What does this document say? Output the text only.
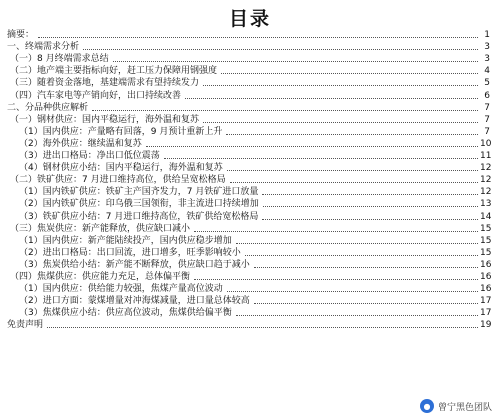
目录
摘要：	1
一、终端需求分析	3
（一）8 月终端需求总结	3
（二）地产端主要指标向好，赶工压力保障用钢强度	4
（三）随着资金落地，基建端需求有望持续发力	5
（四）汽车家电等产销向好，出口持续改善	6
二、分品种供应解析	7
（一）钢材供应：国内平稳运行，海外温和复苏	7
（1）国内供应：产量略有回落，9 月预计重新上升	7
（2）海外供应：继续温和复苏	10
（3）进出口格局：净出口低位震荡	11
（4）钢材供应小结：国内平稳运行，海外温和复苏	12
（二）铁矿供应：7 月进口维持高位，供给呈宽松格局	12
（1）国内铁矿供应：铁矿主产国齐发力，7 月铁矿进口放量	12
（2）国内铁矿供应：印乌俄三国领衔，非主流进口持续增加	13
（3）铁矿供应小结：7 月进口维持高位，铁矿供给宽松格局	14
（三）焦炭供应：新产能释放，供应缺口减小	15
（1）国内供应：新产能陆续投产，国内供应稳步增加	15
（2）进出口格局：出口回流，进口增多，旺季影响较小	15
（3）焦炭供给小结：新产能不断释放，供应缺口趋于减小	16
（四）焦煤供应：供应能力充足，总体偏平衡	16
（1）国内供应：供给能力较强，焦煤产量高位波动	16
（2）进口方面：蒙煤增量对冲海煤减量，进口量总体较高	17
（3）焦煤供应小结：供应高位波动，焦煤供给偏平衡	17
免责声明	19
● 曾宁黑色团队
